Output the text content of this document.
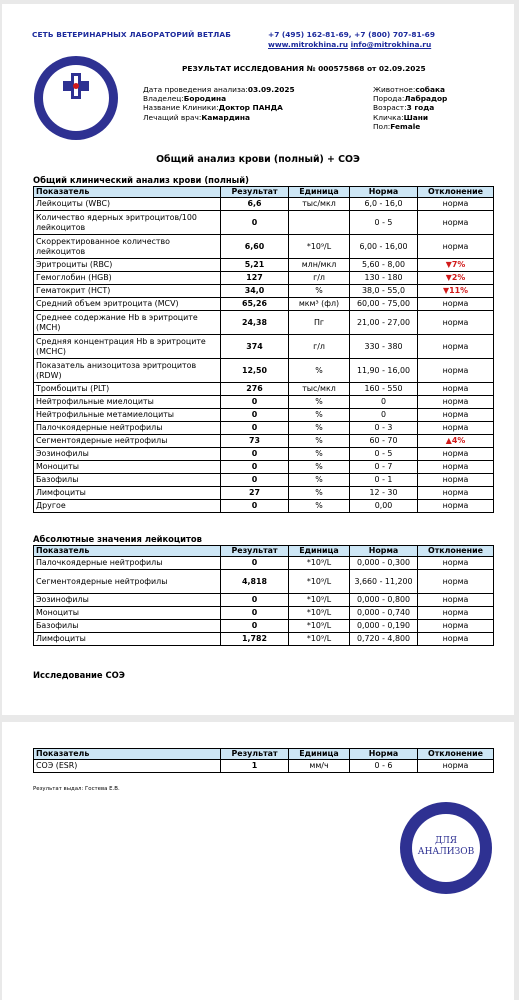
СЕТЬ ВЕТЕРИНАРНЫХ ЛАБОРАТОРИЙ ВЕТЛАБ	+7 (495) 162-81-69, +7 (800) 707-81-69
www.mitrokhina.ru info@mitrokhina.ru
ВЕТЛАБ
РЕЗУЛЬТАТ ИССЛЕДОВАНИЯ № 000575868 от 02.09.2025
Дата проведения анализа:03.09.2025
Владелец:Бородина
Название Клиники:Доктор ПАНДА
Лечащий врач:Камардина
Животное:собака
Порода:Лабрадор
Возраст:3 года
Кличка:Шани
Пол:Female
Общий анализ крови (полный) + СОЭ
Общий клинический анализ крови (полный)
Показатель	Результат	Единица	Норма	Отклонение
Лейкоциты (WBC)	6,6	тыс/мкл	6,0 - 16,0	норма
Количество ядерных эритроцитов/100 лейкоцитов	0		0 - 5	норма
Скорректированное количество лейкоцитов	6,60	*10⁹/L	6,00 - 16,00	норма
Эритроциты (RBC)	5,21	млн/мкл	5,60 - 8,00	▼7%
Гемоглобин (HGB)	127	г/л	130 - 180	▼2%
Гематокрит (HCT)	34,0	%	38,0 - 55,0	▼11%
Средний объем эритроцита (MCV)	65,26	мкм³ (фл)	60,00 - 75,00	норма
Среднее содержание Hb в эритроците (MCH)	24,38	Пг	21,00 - 27,00	норма
Средняя концентрация Hb в эритроците (MCHC)	374	г/л	330 - 380	норма
Показатель анизоцитоза эритроцитов (RDW)	12,50	%	11,90 - 16,00	норма
Тромбоциты (PLT)	276	тыс/мкл	160 - 550	норма
Нейтрофильные миелоциты	0	%	0	норма
Нейтрофильные метамиелоциты	0	%	0	норма
Палочкоядерные нейтрофилы	0	%	0 - 3	норма
Сегментоядерные нейтрофилы	73	%	60 - 70	▲4%
Эозинофилы	0	%	0 - 5	норма
Моноциты	0	%	0 - 7	норма
Базофилы	0	%	0 - 1	норма
Лимфоциты	27	%	12 - 30	норма
Другое	0	%	0,00	норма
Абсолютные значения лейкоцитов
Показатель	Результат	Единица	Норма	Отклонение
Палочкоядерные нейтрофилы	0	*10⁹/L	0,000 - 0,300	норма
Сегментоядерные нейтрофилы	4,818	*10⁹/L	3,660 - 11,200	норма
Эозинофилы	0	*10⁹/L	0,000 - 0,800	норма
Моноциты	0	*10⁹/L	0,000 - 0,740	норма
Базофилы	0	*10⁹/L	0,000 - 0,190	норма
Лимфоциты	1,782	*10⁹/L	0,720 - 4,800	норма
Исследование СОЭ
Показатель	Результат	Единица	Норма	Отклонение
СОЭ (ESR)	1	мм/ч	0 - 6	норма
Результат выдал: Гостева Е.В.
ДЛЯ
АНАЛИЗОВ
ВЕТЛАБ
